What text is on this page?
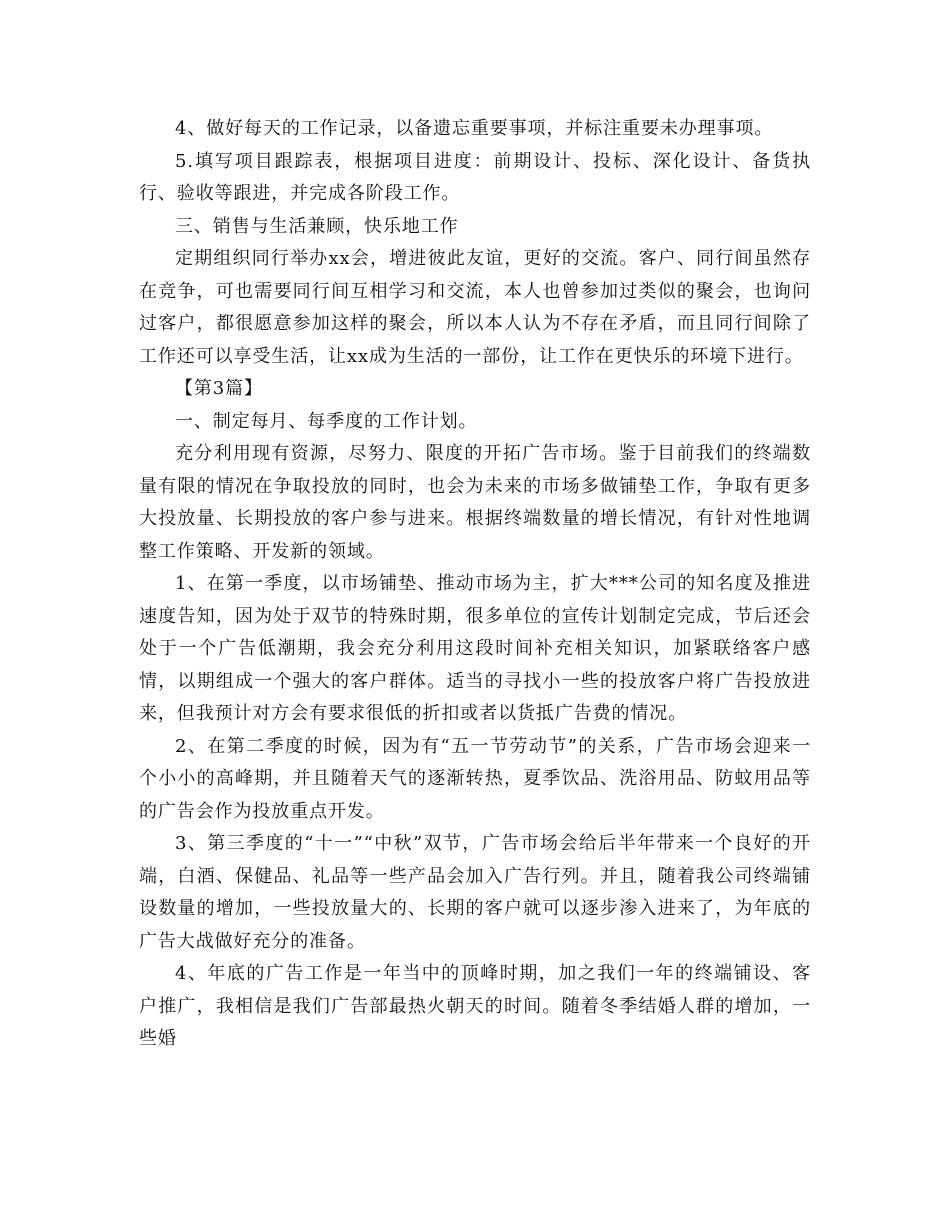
4、做好每天的工作记录，以备遗忘重要事项，并标注重要未办理事项。

5.填写项目跟踪表，根据项目进度：前期设计、投标、深化设计、备货执行、验收等跟进，并完成各阶段工作。

三、销售与生活兼顾，快乐地工作

定期组织同行举办xx会，增进彼此友谊，更好的交流。客户、同行间虽然存在竞争，可也需要同行间互相学习和交流，本人也曾参加过类似的聚会，也询问过客户，都很愿意参加这样的聚会，所以本人认为不存在矛盾，而且同行间除了工作还可以享受生活，让xx成为生活的一部份，让工作在更快乐的环境下进行。

【第3篇】

一、制定每月、每季度的工作计划。

充分利用现有资源，尽努力、限度的开拓广告市场。鉴于目前我们的终端数量有限的情况在争取投放的同时，也会为未来的市场多做铺垫工作，争取有更多大投放量、长期投放的客户参与进来。根据终端数量的增长情况，有针对性地调整工作策略、开发新的领域。

1、在第一季度，以市场铺垫、推动市场为主，扩大***公司的知名度及推进速度告知，因为处于双节的特殊时期，很多单位的宣传计划制定完成，节后还会处于一个广告低潮期，我会充分利用这段时间补充相关知识，加紧联络客户感情，以期组成一个强大的客户群体。适当的寻找小一些的投放客户将广告投放进来，但我预计对方会有要求很低的折扣或者以货抵广告费的情况。

2、在第二季度的时候，因为有“五一节劳动节”的关系，广告市场会迎来一个小小的高峰期，并且随着天气的逐渐转热，夏季饮品、洗浴用品、防蚊用品等的广告会作为投放重点开发。

3、第三季度的“十一”“中秋”双节，广告市场会给后半年带来一个良好的开端，白酒、保健品、礼品等一些产品会加入广告行列。并且，随着我公司终端铺设数量的增加，一些投放量大的、长期的客户就可以逐步渗入进来了，为年底的广告大战做好充分的准备。

4、年底的广告工作是一年当中的顶峰时期，加之我们一年的终端铺设、客户推广，我相信是我们广告部最热火朝天的时间。随着冬季结婚人群的增加，一些婚
